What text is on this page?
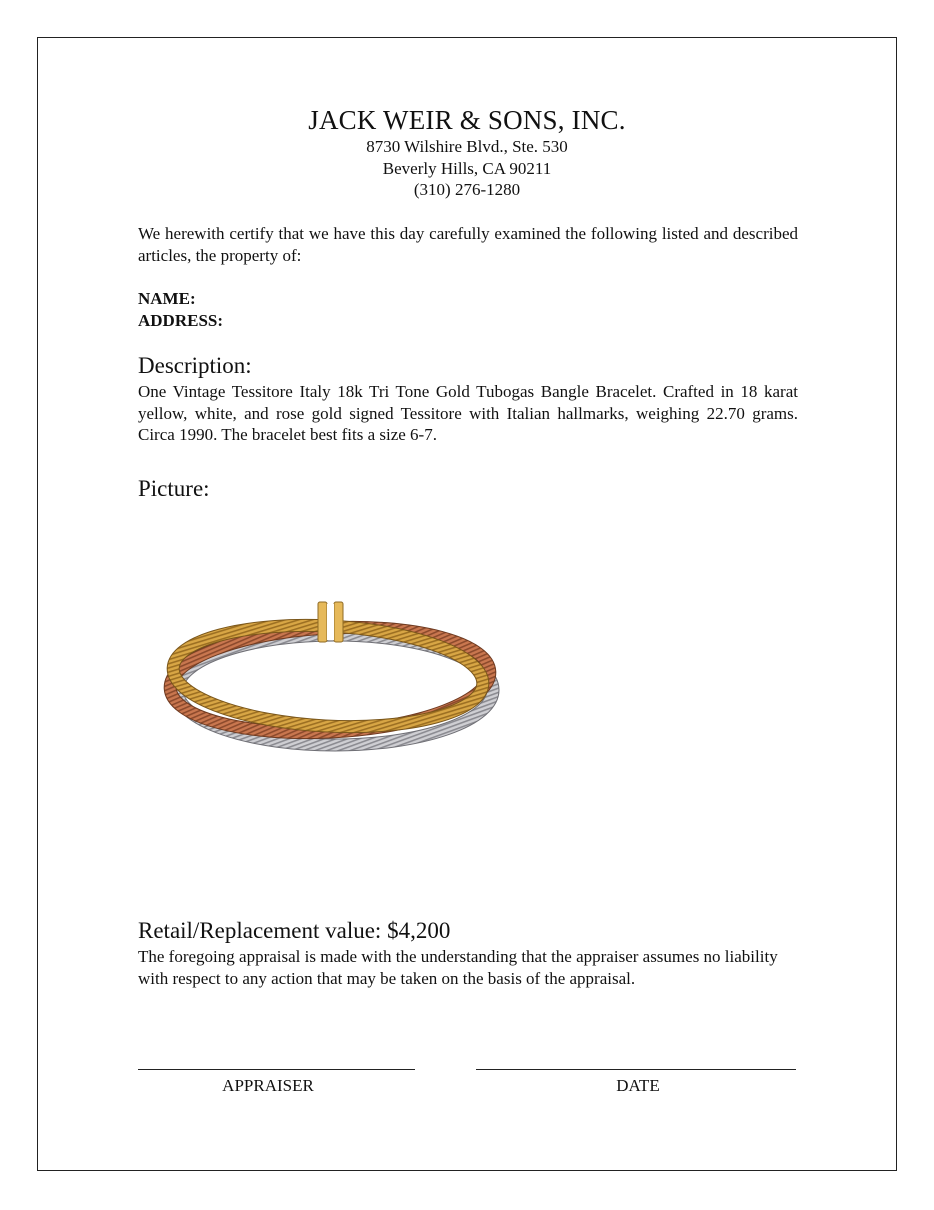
JACK WEIR & SONS, INC.
8730 Wilshire Blvd., Ste. 530
Beverly Hills, CA 90211
(310) 276-1280
We herewith certify that we have this day carefully examined the following listed and described articles, the property of:
NAME:
ADDRESS:
Description:
One Vintage Tessitore Italy 18k Tri Tone Gold Tubogas Bangle Bracelet. Crafted in 18 karat yellow, white, and rose gold signed Tessitore with Italian hallmarks, weighing 22.70 grams. Circa 1990. The bracelet best fits a size 6-7.
Picture:
Retail/Replacement value: $4,200
The foregoing appraisal is made with the understanding that the appraiser assumes no liability with respect to any action that may be taken on the basis of the appraisal.
APPRAISER	DATE
